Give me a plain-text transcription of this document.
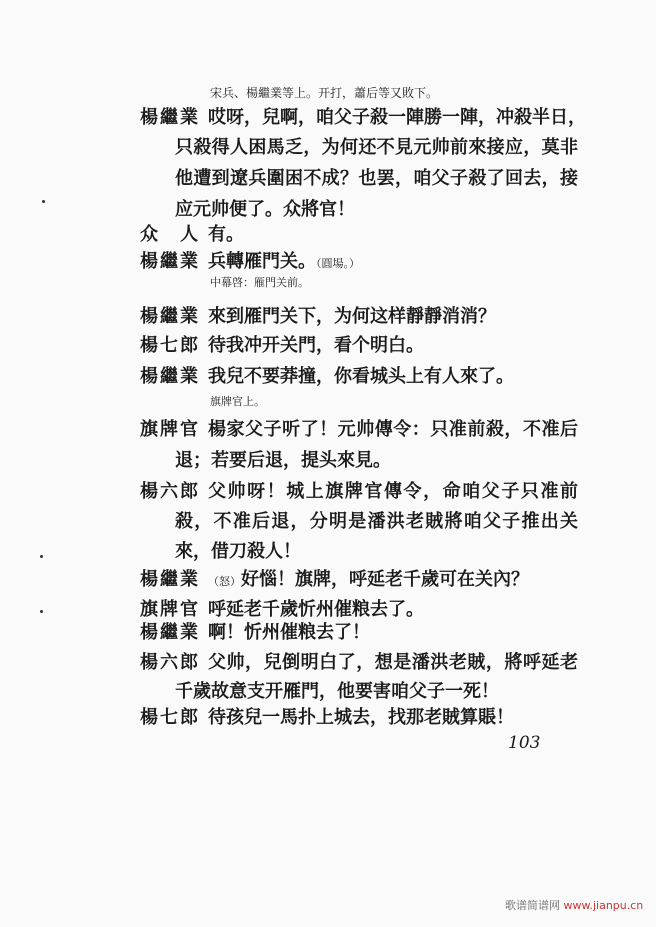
宋兵、楊繼業等上。开打，蕭后等又敗下。
楊繼業 哎呀，兒啊，咱父子殺一陣勝一陣，冲殺半日，
只殺得人困馬乏，为何还不見元帅前來接应，莫非
他遭到遼兵圍困不成？也罢，咱父子殺了回去，接
应元帅便了。众將官！
众人 有。
楊繼業 兵轉雁門关。（圓場。）
中幕啓：雁門关前。
楊繼業 來到雁門关下，为何这样靜靜消消？
楊七郎 待我冲开关門，看个明白。
楊繼業 我兒不要莽撞，你看城头上有人來了。
旗牌官上。
旗牌官 楊家父子听了！元帅傳令：只准前殺，不准后
退；若要后退，提头來見。
楊六郎 父帅呀！城上旗牌官傳令，命咱父子只准前
殺，不准后退，分明是潘洪老賊將咱父子推出关
來，借刀殺人！
楊繼業 （怒）好惱！旗牌，呼延老千歲可在关內？
旗牌官 呼延老千歲忻州催粮去了。
楊繼業 啊！忻州催粮去了！
楊六郎 父帅，兒倒明白了，想是潘洪老賊，將呼延老
千歲故意支开雁門，他要害咱父子一死！
楊七郎 待孩兒一馬扑上城去，找那老賊算賬！
103
歌谱简谱网 www.jianpu.cn
